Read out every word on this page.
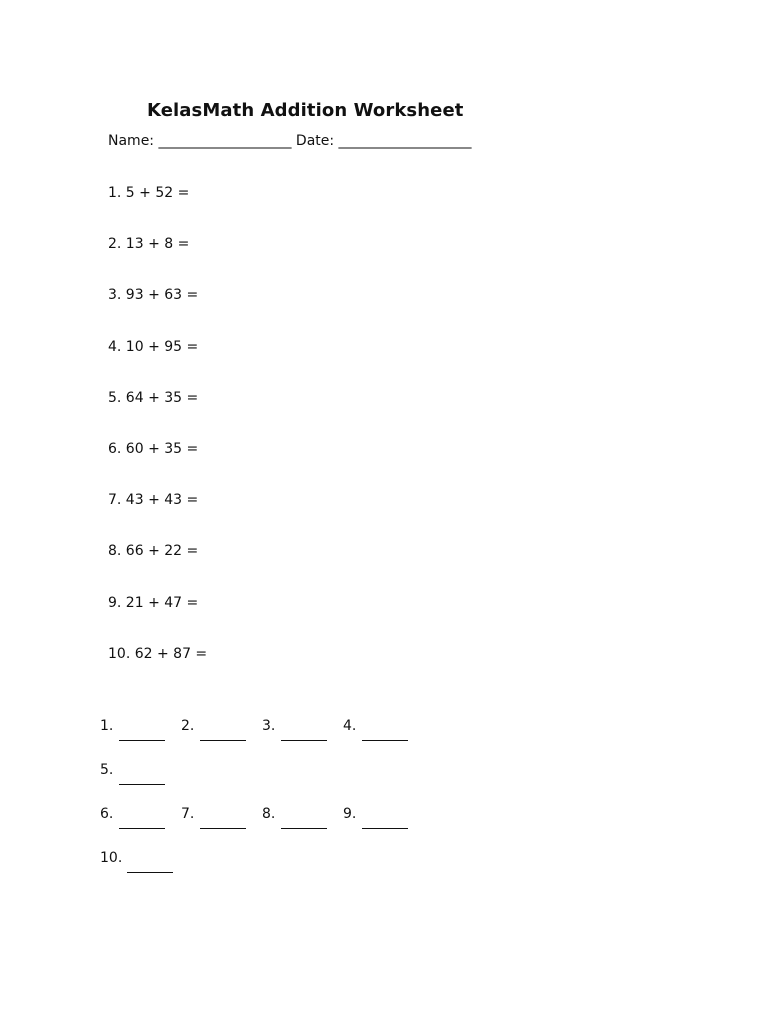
KelasMath Addition Worksheet
Name: ___________________ Date: ___________________
1. 5 + 52 =
2. 13 + 8 =
3. 93 + 63 =
4. 10 + 95 =
5. 64 + 35 =
6. 60 + 35 =
7. 43 + 43 =
8. 66 + 22 =
9. 21 + 47 =
10. 62 + 87 =
1.	2.	3.	4.
5.
6.	7.	8.	9.
10.
